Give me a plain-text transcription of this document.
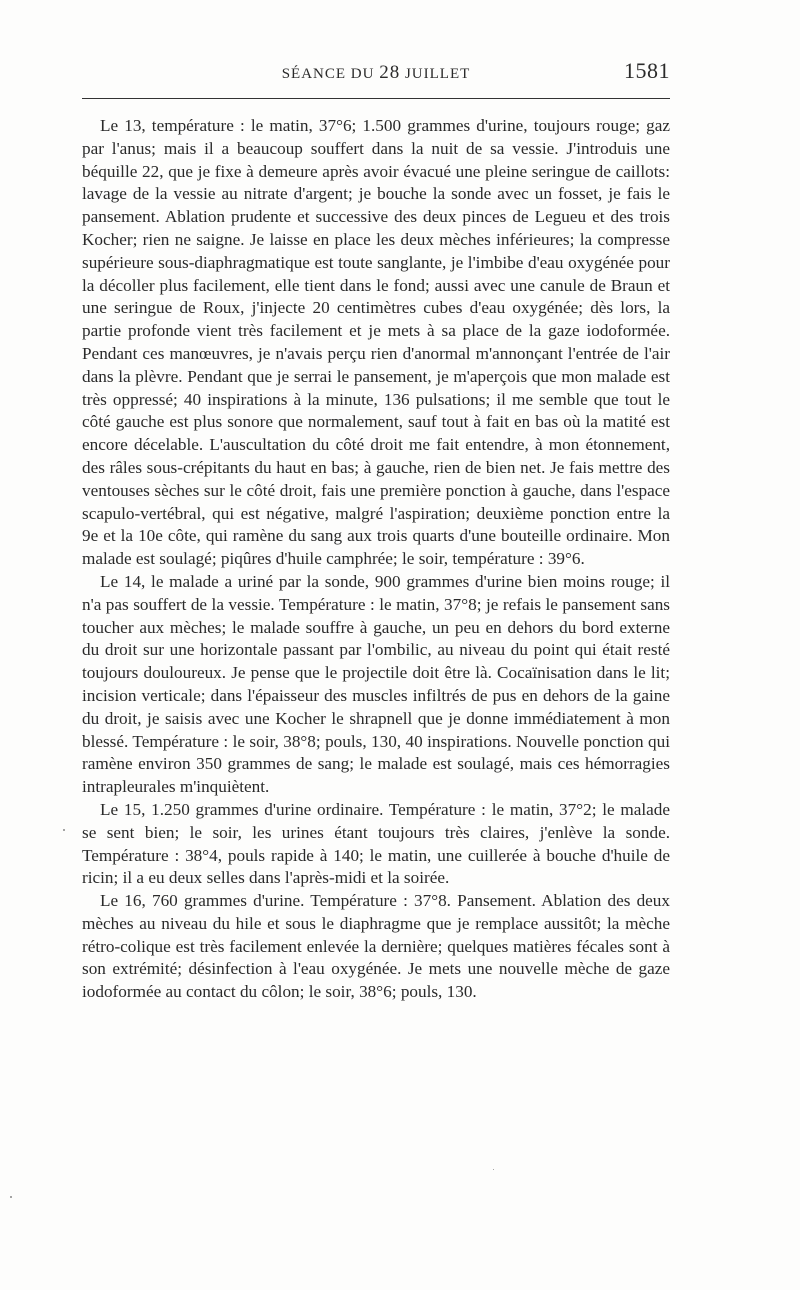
SÉANCE DU 28 JUILLET	1581

Le 13, température : le matin, 37°6; 1.500 grammes d'urine, toujours rouge; gaz par l'anus; mais il a beaucoup souffert dans la nuit de sa vessie. J'introduis une béquille 22, que je fixe à demeure après avoir évacué une pleine seringue de caillots: lavage de la vessie au nitrate d'argent; je bouche la sonde avec un fosset, je fais le pansement. Ablation prudente et successive des deux pinces de Legueu et des trois Kocher; rien ne saigne. Je laisse en place les deux mèches inférieures; la compresse supérieure sous-diaphragmatique est toute sanglante, je l'imbibe d'eau oxygénée pour la décoller plus facilement, elle tient dans le fond; aussi avec une canule de Braun et une seringue de Roux, j'injecte 20 centimètres cubes d'eau oxygénée; dès lors, la partie profonde vient très facilement et je mets à sa place de la gaze iodoformée. Pendant ces manœuvres, je n'avais perçu rien d'anormal m'annonçant l'entrée de l'air dans la plèvre. Pendant que je serrai le pansement, je m'aperçois que mon malade est très oppressé; 40 inspirations à la minute, 136 pulsations; il me semble que tout le côté gauche est plus sonore que normalement, sauf tout à fait en bas où la matité est encore décelable. L'auscultation du côté droit me fait entendre, à mon étonnement, des râles sous-crépitants du haut en bas; à gauche, rien de bien net. Je fais mettre des ventouses sèches sur le côté droit, fais une première ponction à gauche, dans l'espace scapulo-vertébral, qui est négative, malgré l'aspiration; deuxième ponction entre la 9e et la 10e côte, qui ramène du sang aux trois quarts d'une bouteille ordinaire. Mon malade est soulagé; piqûres d'huile camphrée; le soir, température : 39°6.

Le 14, le malade a uriné par la sonde, 900 grammes d'urine bien moins rouge; il n'a pas souffert de la vessie. Température : le matin, 37°8; je refais le pansement sans toucher aux mèches; le malade souffre à gauche, un peu en dehors du bord externe du droit sur une horizontale passant par l'ombilic, au niveau du point qui était resté toujours douloureux. Je pense que le projectile doit être là. Cocaïnisation dans le lit; incision verticale; dans l'épaisseur des muscles infiltrés de pus en dehors de la gaine du droit, je saisis avec une Kocher le shrapnell que je donne immédiatement à mon blessé. Température : le soir, 38°8; pouls, 130, 40 inspirations. Nouvelle ponction qui ramène environ 350 grammes de sang; le malade est soulagé, mais ces hémorragies intrapleurales m'inquiètent.

Le 15, 1.250 grammes d'urine ordinaire. Température : le matin, 37°2; le malade se sent bien; le soir, les urines étant toujours très claires, j'enlève la sonde. Température : 38°4, pouls rapide à 140; le matin, une cuillerée à bouche d'huile de ricin; il a eu deux selles dans l'après-midi et la soirée.

Le 16, 760 grammes d'urine. Température : 37°8. Pansement. Ablation des deux mèches au niveau du hile et sous le diaphragme que je remplace aussitôt; la mèche rétro-colique est très facilement enlevée la dernière; quelques matières fécales sont à son extrémité; désinfection à l'eau oxygénée. Je mets une nouvelle mèche de gaze iodoformée au contact du côlon; le soir, 38°6; pouls, 130.
